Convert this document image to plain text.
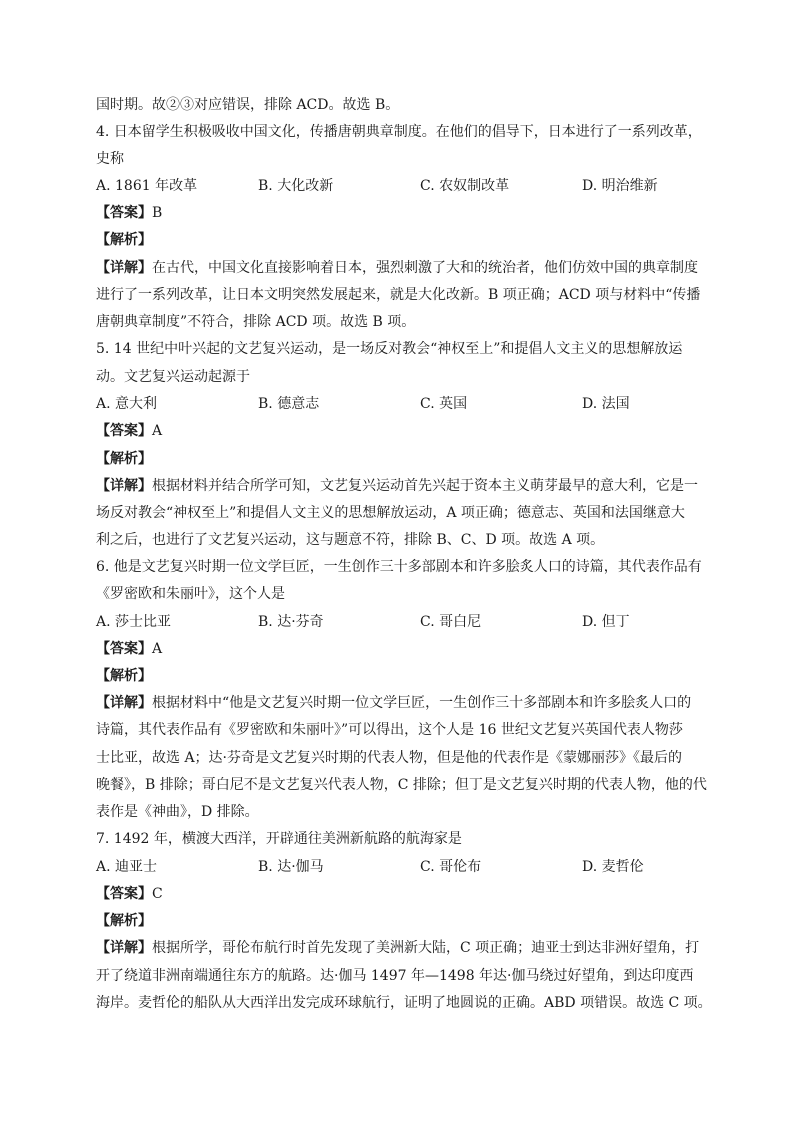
国时期。故②③对应错误，排除 ACD。故选 B。
4. 日本留学生积极吸收中国文化，传播唐朝典章制度。在他们的倡导下，日本进行了一系列改革，
史称
A. 1861 年改革	B. 大化改新	C. 农奴制改革	D. 明治维新
【答案】B
【解析】
【详解】在古代，中国文化直接影响着日本，强烈刺激了大和的统治者，他们仿效中国的典章制度
进行了一系列改革，让日本文明突然发展起来，就是大化改新。B 项正确；ACD 项与材料中“传播
唐朝典章制度”不符合，排除 ACD 项。故选 B 项。
5. 14 世纪中叶兴起的文艺复兴运动，是一场反对教会“神权至上”和提倡人文主义的思想解放运
动。文艺复兴运动起源于
A. 意大利	B. 德意志	C. 英国	D. 法国
【答案】A
【解析】
【详解】根据材料并结合所学可知，文艺复兴运动首先兴起于资本主义萌芽最早的意大利，它是一
场反对教会“神权至上”和提倡人文主义的思想解放运动，A 项正确；德意志、英国和法国继意大
利之后，也进行了文艺复兴运动，这与题意不符，排除 B、C、D 项。故选 A 项。
6. 他是文艺复兴时期一位文学巨匠，一生创作三十多部剧本和许多脍炙人口的诗篇，其代表作品有
《罗密欧和朱丽叶》，这个人是
A. 莎士比亚	B. 达·芬奇	C. 哥白尼	D. 但丁
【答案】A
【解析】
【详解】根据材料中“他是文艺复兴时期一位文学巨匠，一生创作三十多部剧本和许多脍炙人口的
诗篇，其代表作品有《罗密欧和朱丽叶》”可以得出，这个人是 16 世纪文艺复兴英国代表人物莎
士比亚，故选 A；达·芬奇是文艺复兴时期的代表人物，但是他的代表作是《蒙娜丽莎》《最后的
晚餐》，B 排除；哥白尼不是文艺复兴代表人物，C 排除；但丁是文艺复兴时期的代表人物，他的代
表作是《神曲》，D 排除。
7. 1492 年，横渡大西洋，开辟通往美洲新航路的航海家是
A. 迪亚士	B. 达·伽马	C. 哥伦布	D. 麦哲伦
【答案】C
【解析】
【详解】根据所学，哥伦布航行时首先发现了美洲新大陆，C 项正确；迪亚士到达非洲好望角，打
开了绕道非洲南端通往东方的航路。达·伽马 1497 年—1498 年达·伽马绕过好望角，到达印度西
海岸。麦哲伦的船队从大西洋出发完成环球航行，证明了地圆说的正确。ABD 项错误。故选 C 项。
